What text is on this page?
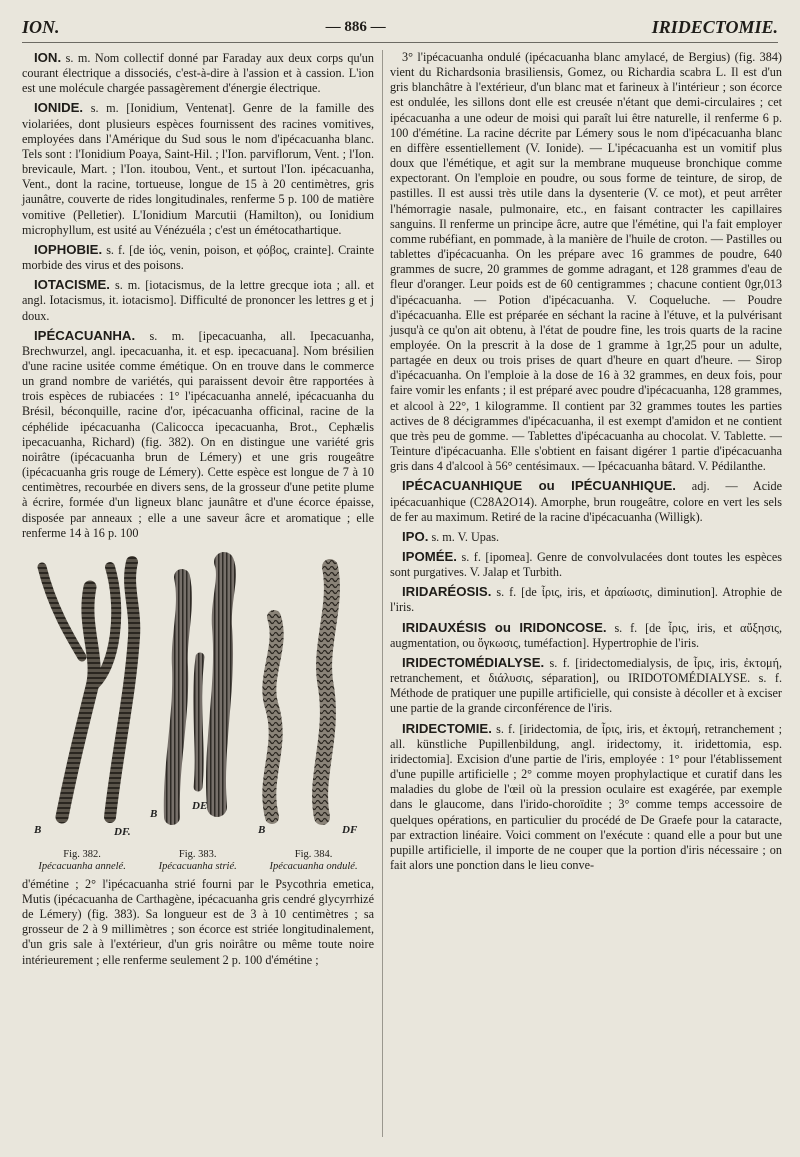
ION.	— 886 —	IRIDECTOMIE.

ION. s. m. Nom collectif donné par Faraday aux deux corps qu'un courant électrique a dissociés, c'est-à-dire à l'assion et à cassion. L'ion est une molécule chargée passagèrement d'énergie électrique.

IONIDE. s. m. [Ionidium, Ventenat]. Genre de la famille des violariées, dont plusieurs espèces fournissent des racines vomitives, employées dans l'Amérique du Sud sous le nom d'ipécacuanha blanc. Tels sont : l'Ionidium Poaya, Saint-Hil. ; l'Ion. parviflorum, Vent. ; l'Ion. brevicaule, Mart. ; l'Ion. itoubou, Vent., et surtout l'Ion. ipécacuanha, Vent., dont la racine, tortueuse, longue de 15 à 20 centimètres, gris jaunâtre, couverte de rides longitudinales, renferme 5 p. 100 de matière vomitive (Pelletier). L'Ionidium Marcutii (Hamilton), ou Ionidium microphyllum, est usité au Vénézuéla ; c'est un émétocathartique.

IOPHOBIE. s. f. [de ἰός, venin, poison, et φόβος, crainte]. Crainte morbide des virus et des poisons.

IOTACISME. s. m. [iotacismus, de la lettre grecque iota ; all. et angl. Iotacismus, it. iotacismo]. Difficulté de prononcer les lettres g et j doux.

IPÉCACUANHA. s. m. [ipecacuanha, all. Ipecacuanha, Brechwurzel, angl. ipecacuanha, it. et esp. ipecacuana]. Nom brésilien d'une racine usitée comme émétique. On en trouve dans le commerce un grand nombre de variétés, qui paraissent devoir être rapportées à trois espèces de rubiacées : 1° l'ipécacuanha annelé, ipécacuanha du Brésil, béconquille, racine d'or, ipécacuanha officinal, racine de la céphélide ipécacuanha (Calicocca ipecacuanha, Brot., Cephælis ipecacuanha, Richard) (fig. 382). On en distingue une variété gris noirâtre (ipécacuanha brun de Lémery) et une gris rougeâtre (ipécacuanha gris rouge de Lémery). Cette espèce est longue de 7 à 10 centimètres, recourbée en divers sens, de la grosseur d'une petite plume à écrire, formée d'un ligneux blanc jaunâtre et d'une écorce épaisse, disposée par anneaux ; elle a une saveur âcre et aromatique ; elle renferme 14 à 16 p. 100

B	DF.
B
DE
B	DF
Fig. 382.
Ipécacuanha annelé.
Fig. 383.
Ipécacuanha strié.
Fig. 384.
Ipécacuanha ondulé.

d'émétine ; 2° l'ipécacuanha strié fourni par le Psycothria emetica, Mutis (ipécacuanha de Carthagène, ipécacuanha gris cendré glycyrrhizé de Lémery) (fig. 383). Sa longueur est de 3 à 10 centimètres ; sa grosseur de 2 à 9 millimètres ; son écorce est striée longitudinalement, d'un gris sale à l'extérieur, d'un gris noirâtre ou même toute noire intérieurement ; elle renferme seulement 2 p. 100 d'émétine ;

3° l'ipécacuanha ondulé (ipécacuanha blanc amylacé, de Bergius) (fig. 384) vient du Richardsonia brasiliensis, Gomez, ou Richardia scabra L. Il est d'un gris blanchâtre à l'extérieur, d'un blanc mat et farineux à l'intérieur ; son écorce est ondulée, les sillons dont elle est creusée n'étant que demi-circulaires ; cet ipécacuanha a une odeur de moisi qui paraît lui être naturelle, il renferme 6 p. 100 d'émétine. La racine décrite par Lémery sous le nom d'ipécacuanha blanc en diffère essentiellement (V. Ionide). — L'ipécacuanha est un vomitif plus doux que l'émétique, et agit sur la membrane muqueuse bronchique comme expectorant. On l'emploie en poudre, ou sous forme de teinture, de sirop, de pastilles. Il est aussi très utile dans la dysenterie (V. ce mot), et peut arrêter l'hémorragie nasale, pulmonaire, etc., en faisant contracter les capillaires sanguins. Il renferme un principe âcre, autre que l'émétine, qui l'a fait employer comme rubéfiant, en pommade, à la manière de l'huile de croton. — Pastilles ou tablettes d'ipécacuanha. On les prépare avec 16 grammes de poudre, 640 grammes de sucre, 20 grammes de gomme adragant, et 128 grammes d'eau de fleur d'oranger. Leur poids est de 60 centigrammes ; chacune contient 0gr,013 d'ipécacuanha. — Potion d'ipécacuanha. V. Coqueluche. — Poudre d'ipécacuanha. Elle est préparée en séchant la racine à l'étuve, et la pulvérisant jusqu'à ce qu'on ait obtenu, à l'état de poudre fine, les trois quarts de la racine employée. On la prescrit à la dose de 1 gramme à 1gr,25 pour un adulte, partagée en deux ou trois prises de quart d'heure en quart d'heure. — Sirop d'ipécacuanha. On l'emploie à la dose de 16 à 32 grammes, en deux fois, pour faire vomir les enfants ; il est préparé avec poudre d'ipécacuanha, 128 grammes, et alcool à 22°, 1 kilogramme. Il contient par 32 grammes toutes les parties actives de 8 décigrammes d'ipécacuanha, il est exempt d'amidon et ne contient que très peu de gomme. — Tablettes d'ipécacuanha au chocolat. V. Tablette. — Teinture d'ipécacuanha. Elle s'obtient en faisant digérer 1 partie d'ipécacuanha gris dans 4 d'alcool à 56° centésimaux. — Ipécacuanha bâtard. V. Pédilanthe.

IPÉCACUANHIQUE ou IPÉCUANHIQUE. adj. — Acide ipécacuanhique (C28A2O14). Amorphe, brun rougeâtre, colore en vert les sels de fer au maximum. Retiré de la racine d'ipécacuanha (Willigk).

IPO. s. m. V. Upas.

IPOMÉE. s. f. [ipomea]. Genre de convolvulacées dont toutes les espèces sont purgatives. V. Jalap et Turbith.

IRIDARÉOSIS. s. f. [de ἶρις, iris, et ἀραίωσις, diminution]. Atrophie de l'iris.

IRIDAUXÉSIS ou IRIDONCOSE. s. f. [de ἶρις, iris, et αὔξησις, augmentation, ou ὄγκωσις, tuméfaction]. Hypertrophie de l'iris.

IRIDECTOMÉDIALYSE. s. f. [iridectomedialysis, de ἶρις, iris, ἐκτομή, retranchement, et διάλυσις, séparation], ou IRIDOTOMÉDIALYSE. s. f. Méthode de pratiquer une pupille artificielle, qui consiste à décoller et à exciser une partie de la grande circonférence de l'iris.

IRIDECTOMIE. s. f. [iridectomia, de ἶρις, iris, et ἐκτομή, retranchement ; all. künstliche Pupillenbildung, angl. iridectomy, it. iridettomia, esp. iridectomia]. Excision d'une partie de l'iris, employée : 1° pour l'établissement d'une pupille artificielle ; 2° comme moyen prophylactique et curatif dans les maladies du globe de l'œil où la pression oculaire est exagérée, par exemple dans le glaucome, dans l'irido-choroïdite ; 3° comme temps accessoire de quelques opérations, en particulier du procédé de De Graefe pour la cataracte, par extraction linéaire. Voici comment on l'exécute : quand elle a pour but une pupille artificielle, il importe de ne couper que la portion d'iris nécessaire ; on fait alors une ponction dans le lieu conve-
